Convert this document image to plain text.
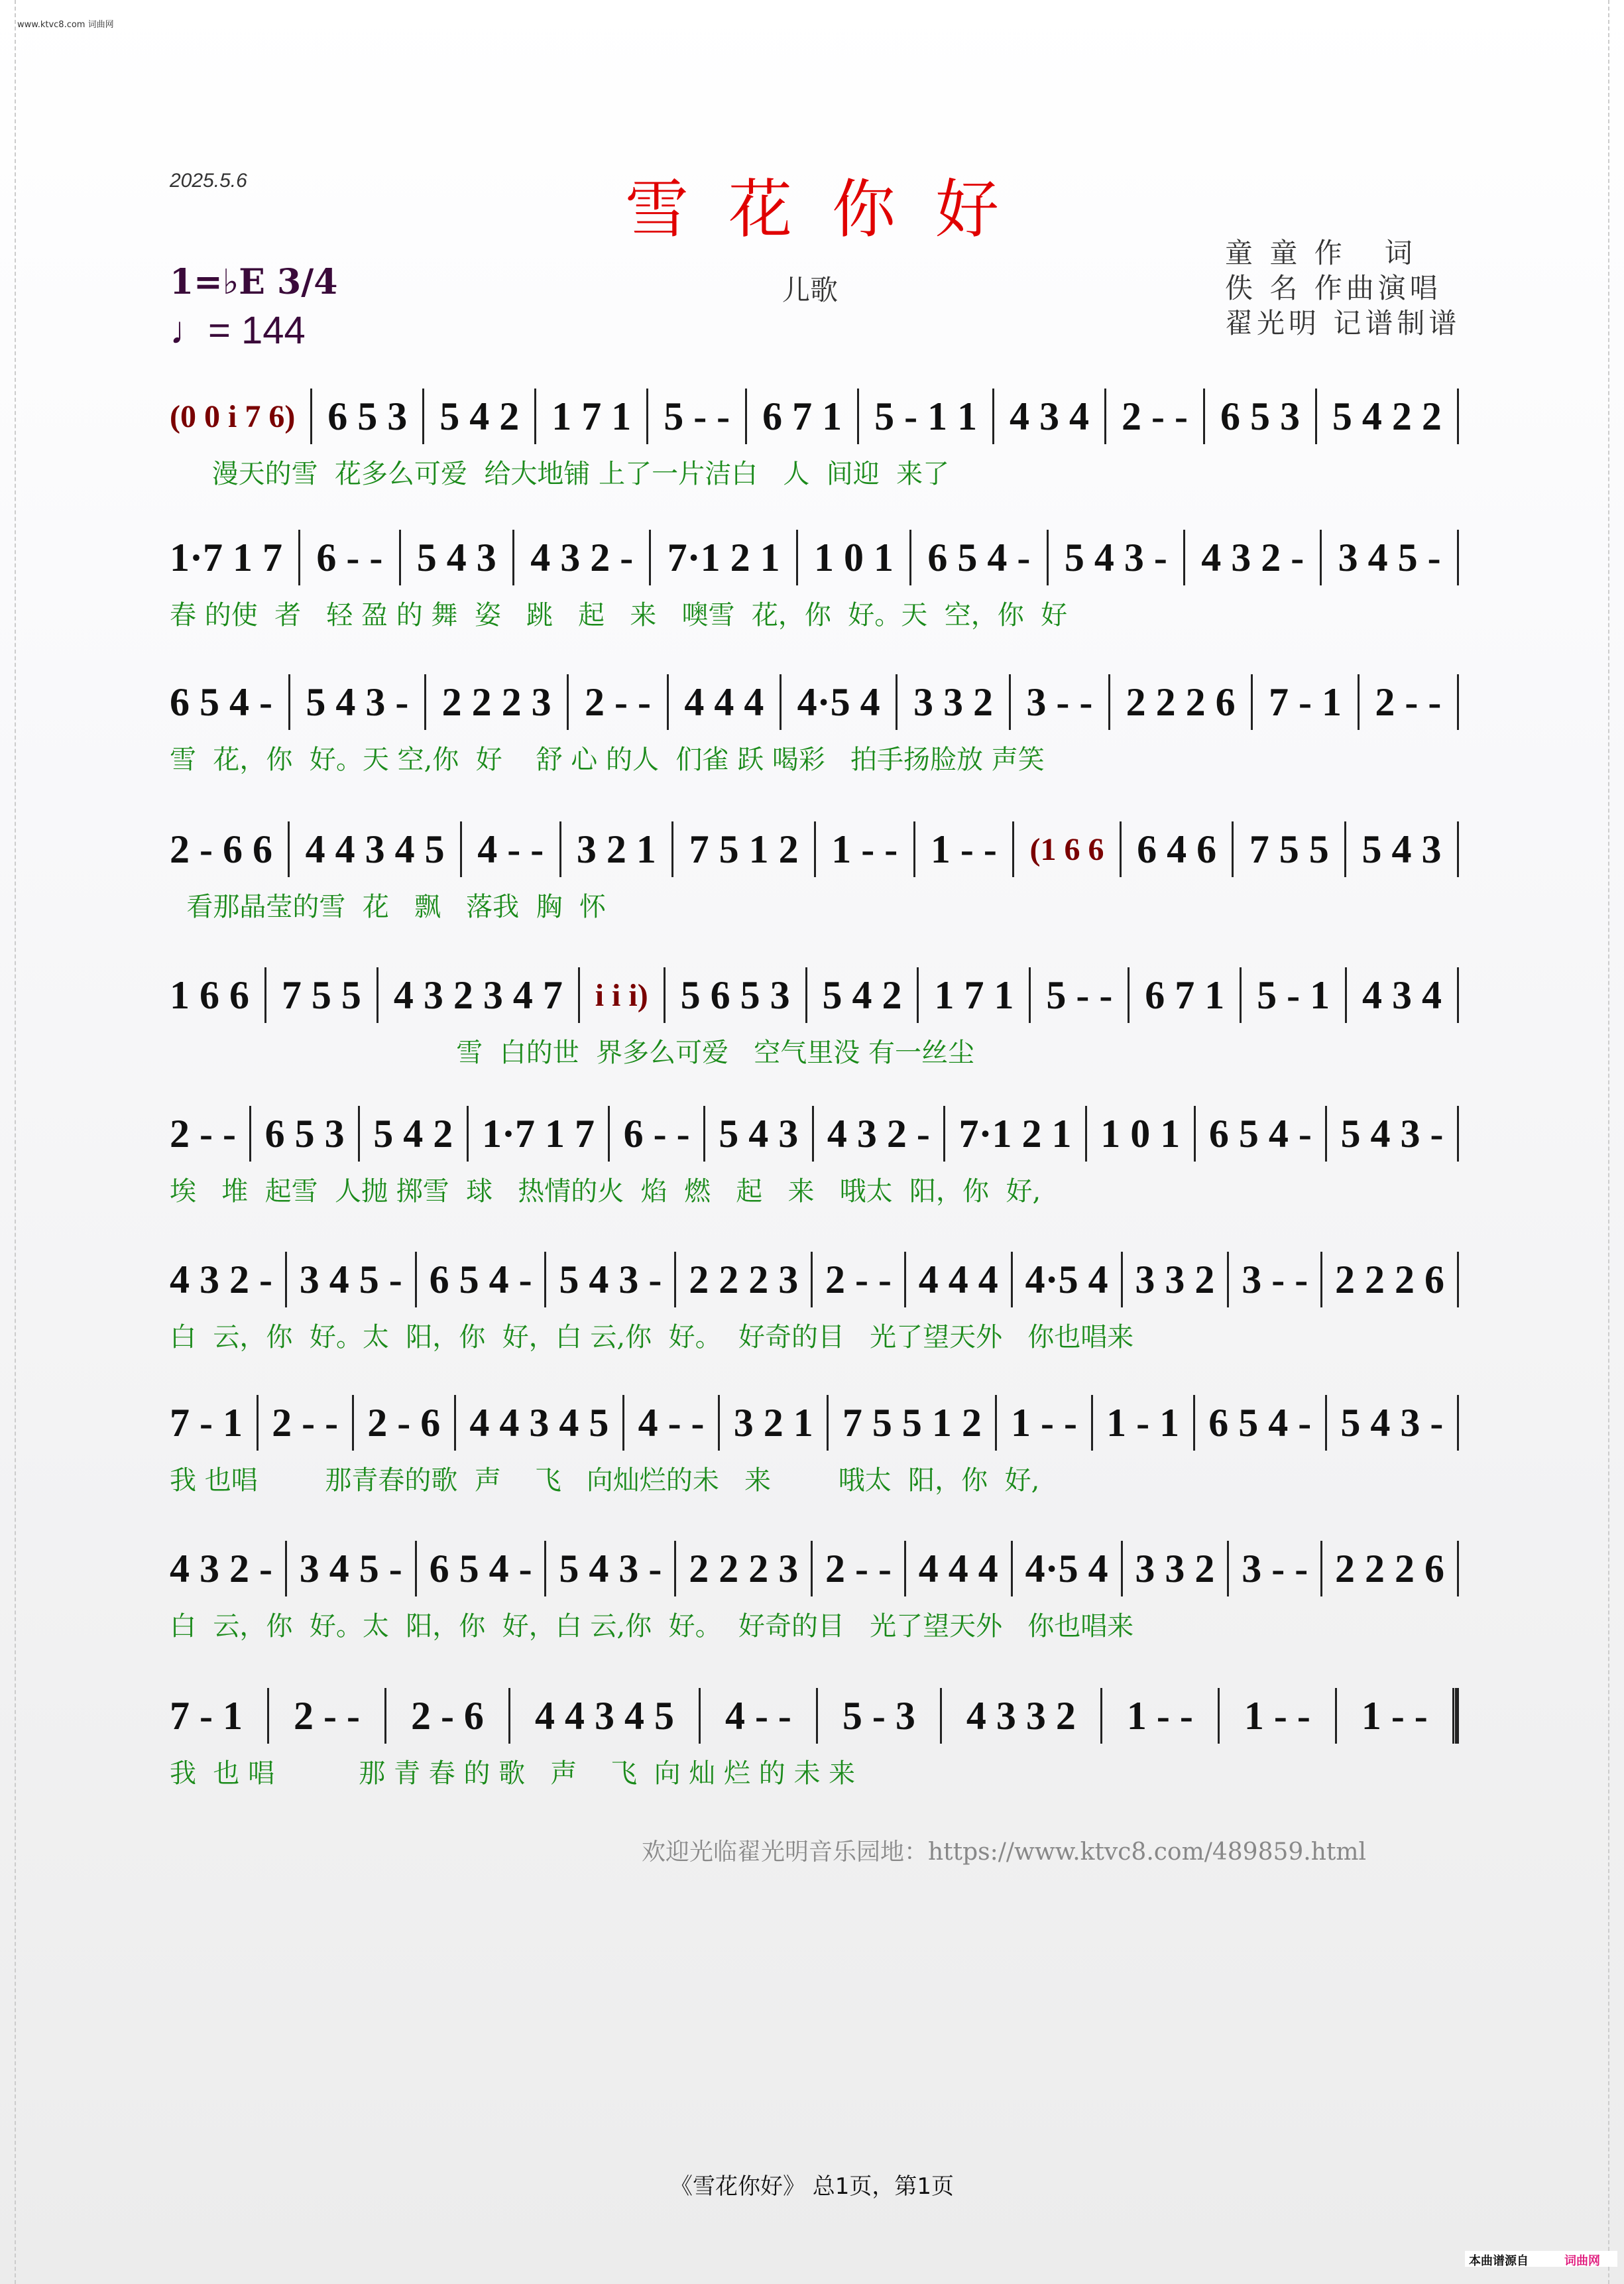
www.ktvc8.com 词曲网
2025.5.6	雪花你好
1=♭E 3/4
♩= 144
儿歌
童 童 作   词
佚 名 作曲演唱
翟光明 记谱制谱
(0 0 i 7 6) 6 5 3 5 4 2 1 7 1 5 - - 6 7 1 5 - 1 1 4 3 4 2 - - 6 5 3 5 4 2 2
漫天的雪  花多么可爱  给大地铺 上了一片洁白   人  间迎  来了
1·7 1 7 6 - - 5 4 3 4 3 2 - 7·1 2 1 1 0 1 6 5 4 - 5 4 3 - 4 3 2 - 3 4 5 -
春 的使  者   轻 盈 的 舞  姿   跳   起   来   噢雪  花，你  好。天  空，你  好
6 5 4 - 5 4 3 - 2 2 2 3 2 - - 4 4 4 4·5 4 3 3 2 3 - - 2 2 2 6 7 - 1 2 - -
雪  花，你  好。天 空,你  好    舒 心 的人  们雀 跃 喝彩   拍手扬脸放 声笑
2 - 6 6 4 4 3 4 5 4 - - 3 2 1 7 5 1 2 1 - - 1 - - (1 6 6 6 4 6 7 5 5 5 4 3
看那晶莹的雪  花   飘   落我  胸  怀
1 6 6 7 5 5 4 3 2 3 4 7 i i i) 5 6 5 3 5 4 2 1 7 1 5 - - 6 7 1 5 - 1 4 3 4
雪  白的世  界多么可爱   空气里没 有一丝尘
2 - - 6 5 3 5 4 2 1·7 1 7 6 - - 5 4 3 4 3 2 - 7·1 2 1 1 0 1 6 5 4 - 5 4 3 -
埃   堆  起雪  人抛 掷雪  球   热情的火  焰  燃   起   来   哦太  阳，你  好,
4 3 2 - 3 4 5 - 6 5 4 - 5 4 3 - 2 2 2 3 2 - - 4 4 4 4·5 4 3 3 2 3 - - 2 2 2 6
白  云，你  好。太  阳，你  好，白 云,你  好。  好奇的目   光了望天外   你也唱来
7 - 1 2 - - 2 - 6 4 4 3 4 5 4 - - 3 2 1 7 5 5 1 2 1 - - 1 - 1 6 5 4 - 5 4 3 -
我 也唱        那青春的歌  声    飞   向灿烂的未   来        哦太  阳，你  好,
4 3 2 - 3 4 5 - 6 5 4 - 5 4 3 - 2 2 2 3 2 - - 4 4 4 4·5 4 3 3 2 3 - - 2 2 2 6
白  云，你  好。太  阳，你  好，白 云,你  好。  好奇的目   光了望天外   你也唱来
7 - 1 2 - - 2 - 6 4 4 3 4 5 4 - - 5 - 3 4 3 3 2 1 - - 1 - - 1 - -
我  也 唱          那 青 春 的 歌   声    飞  向 灿 烂 的 未 来
欢迎光临翟光明音乐园地：https://www.ktvc8.com/489859.html
《雪花你好》 总1页，第1页
本曲谱源自	词曲网
